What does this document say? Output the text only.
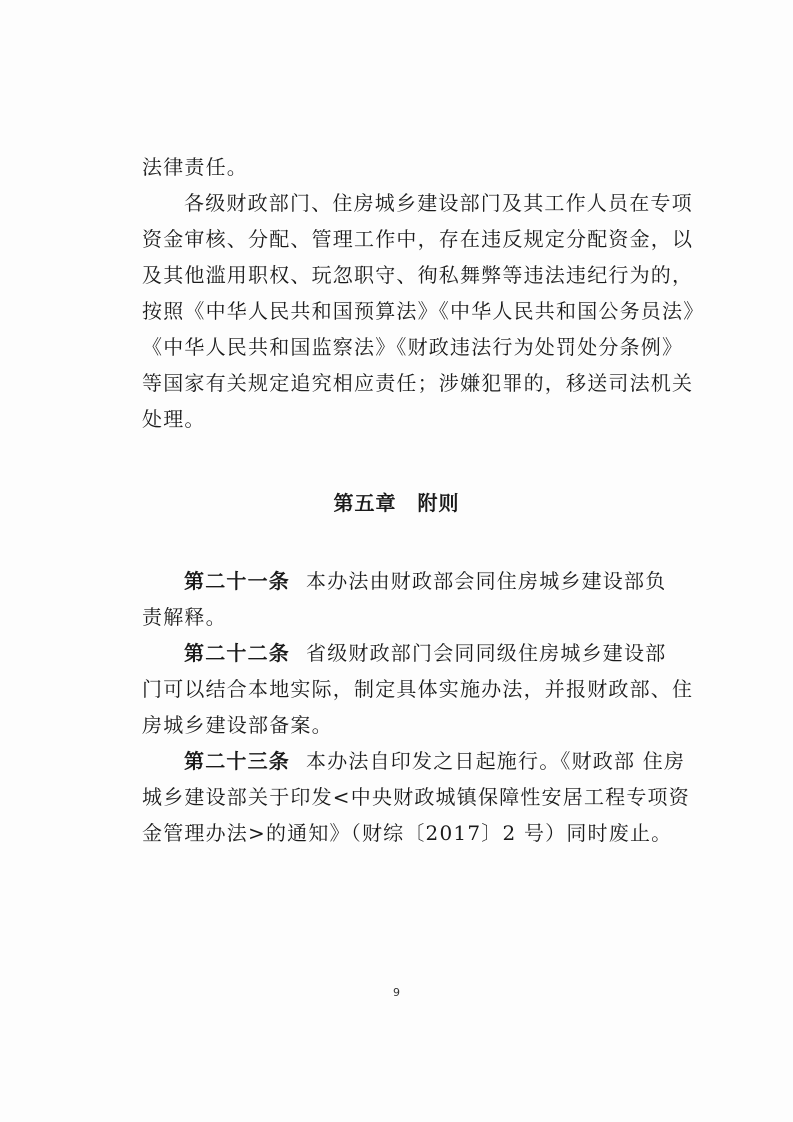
法律责任。
各级财政部门、住房城乡建设部门及其工作人员在专项
资金审核、分配、管理工作中，存在违反规定分配资金，以
及其他滥用职权、玩忽职守、徇私舞弊等违法违纪行为的，
按照《中华人民共和国预算法》《中华人民共和国公务员法》
《中华人民共和国监察法》《财政违法行为处罚处分条例》
等国家有关规定追究相应责任；涉嫌犯罪的，移送司法机关
处理。
第五章　附则
第二十一条 本办法由财政部会同住房城乡建设部负
责解释。
第二十二条 省级财政部门会同同级住房城乡建设部
门可以结合本地实际，制定具体实施办法，并报财政部、住
房城乡建设部备案。
第二十三条 本办法自印发之日起施行。《财政部 住房
城乡建设部关于印发<中央财政城镇保障性安居工程专项资
金管理办法>的通知》（财综〔2017〕2 号）同时废止。
9
